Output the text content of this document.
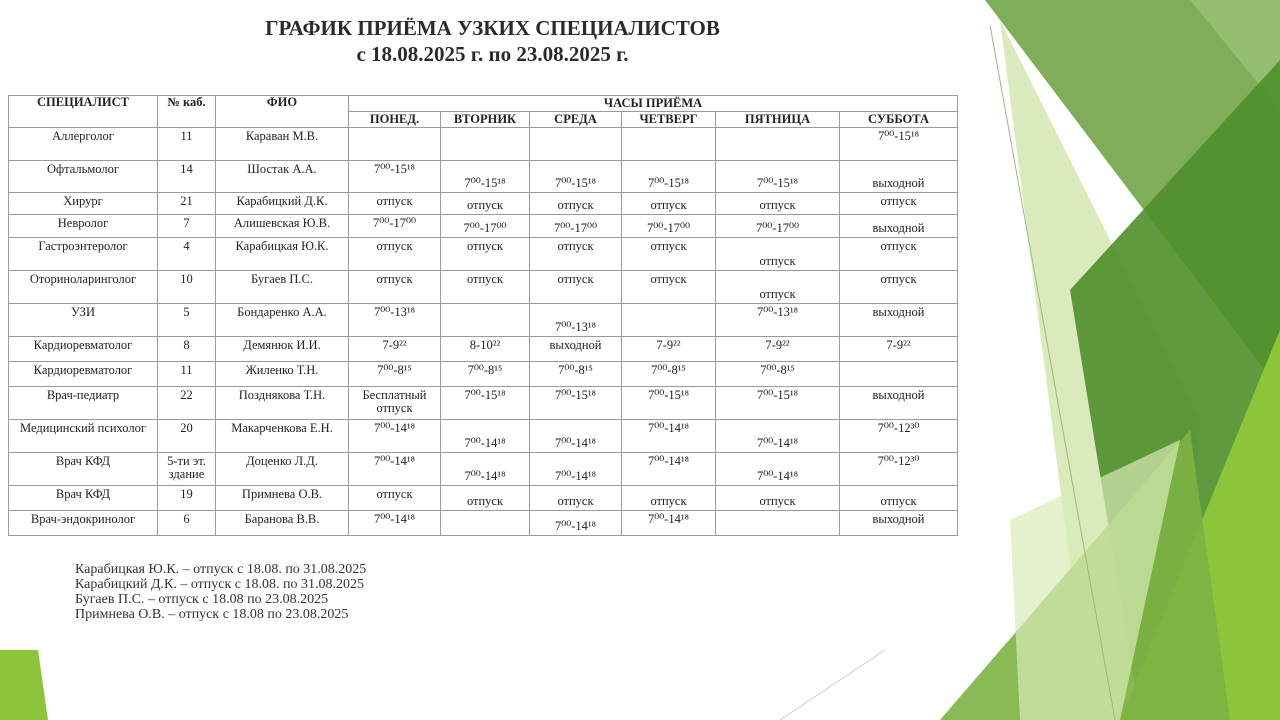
ГРАФИК ПРИЁМА УЗКИХ СПЕЦИАЛИСТОВ
с 18.08.2025 г. по 23.08.2025 г.
СПЕЦИАЛИСТ	№ каб.	ФИО	ЧАСЫ ПРИЁМА					
			ПОНЕД.	ВТОРНИК	СРЕДА	ЧЕТВЕРГ	ПЯТНИЦА	СУББОТА
Аллерголог	11	Караван М.В.						7⁰⁰-15¹⁸
Офтальмолог	14	Шостак А.А.	7⁰⁰-15¹⁸	7⁰⁰-15¹⁸	7⁰⁰-15¹⁸	7⁰⁰-15¹⁸	7⁰⁰-15¹⁸	выходной
Хирург	21	Карабицкий Д.К.	отпуск	отпуск	отпуск	отпуск	отпуск	отпуск
Невролог	7	Алишевская Ю.В.	7⁰⁰-17⁰⁰	7⁰⁰-17⁰⁰	7⁰⁰-17⁰⁰	7⁰⁰-17⁰⁰	7⁰⁰-17⁰⁰	выходной
Гастроэнтеролог	4	Карабицкая Ю.К.	отпуск	отпуск	отпуск	отпуск	отпуск	отпуск
Оториноларинголог	10	Бугаев П.С.	отпуск	отпуск	отпуск	отпуск	отпуск	отпуск
УЗИ	5	Бондаренко А.А.	7⁰⁰-13¹⁸		7⁰⁰-13¹⁸		7⁰⁰-13¹⁸	выходной
Кардиоревматолог	8	Демянюк И.И.	7-9²²	8-10²²	выходной	7-9²²	7-9²²	7-9²²
Кардиоревматолог	11	Жиленко Т.Н.	7⁰⁰-8¹⁵	7⁰⁰-8¹⁵	7⁰⁰-8¹⁵	7⁰⁰-8¹⁵	7⁰⁰-8¹⁵	
Врач-педиатр	22	Позднякова Т.Н.	Бесплатный отпуск	7⁰⁰-15¹⁸	7⁰⁰-15¹⁸	7⁰⁰-15¹⁸	7⁰⁰-15¹⁸	выходной
Медицинский психолог	20	Макарченкова Е.Н.	7⁰⁰-14¹⁸	7⁰⁰-14¹⁸	7⁰⁰-14¹⁸	7⁰⁰-14¹⁸	7⁰⁰-14¹⁸	7⁰⁰-12³⁰
Врач КФД	5-ти эт. здание	Доценко Л.Д.	7⁰⁰-14¹⁸	7⁰⁰-14¹⁸	7⁰⁰-14¹⁸	7⁰⁰-14¹⁸	7⁰⁰-14¹⁸	7⁰⁰-12³⁰
Врач КФД	19	Примнева О.В.	отпуск	отпуск	отпуск	отпуск	отпуск	отпуск
Врач-эндокринолог	6	Баранова В.В.	7⁰⁰-14¹⁸		7⁰⁰-14¹⁸	7⁰⁰-14¹⁸		выходной
Карабицкая Ю.К. – отпуск с 18.08. по 31.08.2025
Карабицкий Д.К. – отпуск с 18.08. по 31.08.2025
Бугаев П.С. – отпуск с 18.08 по 23.08.2025
Примнева О.В. – отпуск с 18.08 по 23.08.2025
